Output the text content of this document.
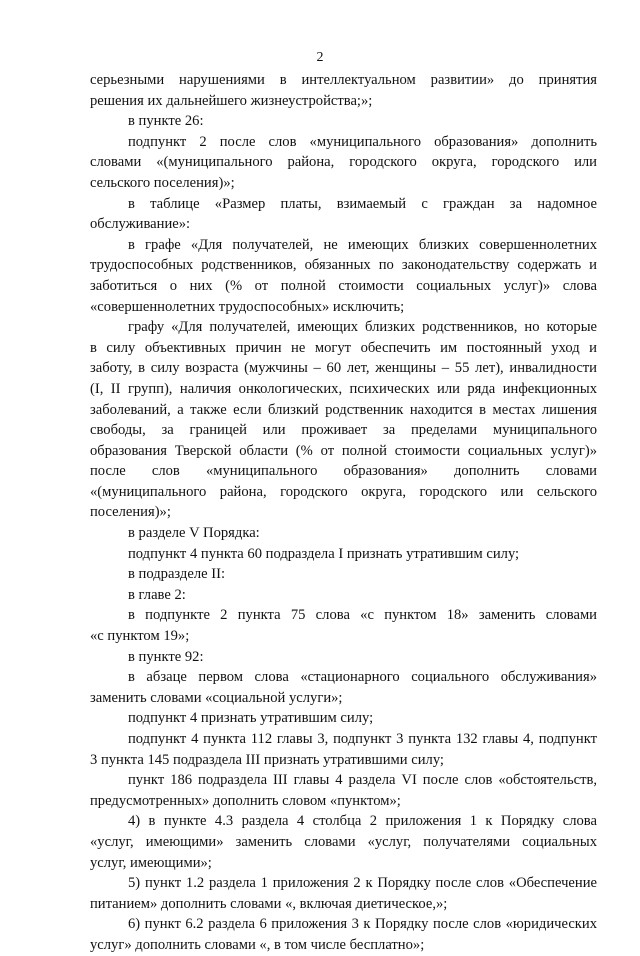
2
серьезными нарушениями в интеллектуальном развитии» до принятия
решения их дальнейшего жизнеустройства;»;
в пункте 26:
подпункт 2 после слов «муниципального образования» дополнить
словами «(муниципального района, городского округа, городского или
сельского поселения)»;
в таблице «Размер платы, взимаемый с граждан за надомное
обслуживание»:
в графе «Для получателей, не имеющих близких совершеннолетних
трудоспособных родственников, обязанных по законодательству содержать и
заботиться о них (% от полной стоимости социальных услуг)» слова
«совершеннолетних трудоспособных» исключить;
графу «Для получателей, имеющих близких родственников, но которые
в силу объективных причин не могут обеспечить им постоянный уход и
заботу, в силу возраста (мужчины – 60 лет, женщины – 55 лет), инвалидности
(I, II групп), наличия онкологических, психических или ряда инфекционных
заболеваний, а также если близкий родственник находится в местах лишения
свободы, за границей или проживает за пределами муниципального
образования Тверской области (% от полной стоимости социальных услуг)»
после слов «муниципального образования» дополнить словами
«(муниципального района, городского округа, городского или сельского
поселения)»;
в разделе V Порядка:
подпункт 4 пункта 60 подраздела I признать утратившим силу;
в подразделе II:
в главе 2:
в подпункте 2 пункта 75 слова «с пунктом 18» заменить словами
«с пунктом 19»;
в пункте 92:
в абзаце первом слова «стационарного социального обслуживания»
заменить словами «социальной услуги»;
подпункт 4 признать утратившим силу;
подпункт 4 пункта 112 главы 3, подпункт 3 пункта 132 главы 4, подпункт
3 пункта 145 подраздела III признать утратившими силу;
пункт 186 подраздела III главы 4 раздела VI после слов «обстоятельств,
предусмотренных» дополнить словом «пунктом»;
4) в пункте 4.3 раздела 4 столбца 2 приложения 1 к Порядку слова
«услуг, имеющими» заменить словами «услуг, получателями социальных
услуг, имеющими»;
5) пункт 1.2 раздела 1 приложения 2 к Порядку после слов «Обеспечение
питанием» дополнить словами «, включая диетическое,»;
6) пункт 6.2 раздела 6 приложения 3 к Порядку после слов «юридических
услуг» дополнить словами «, в том числе бесплатно»;
